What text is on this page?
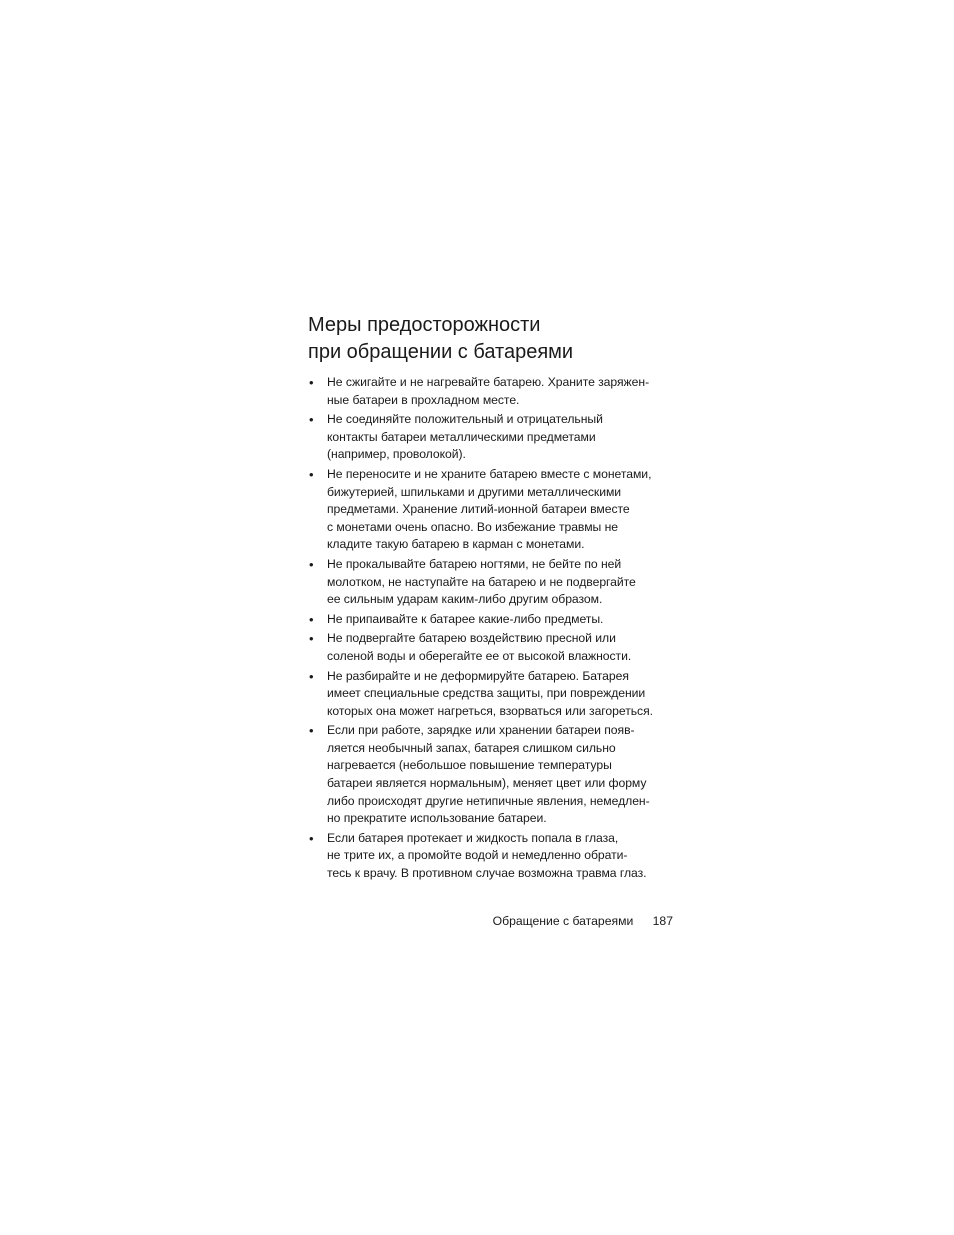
Меры предосторожности
при обращении с батареями
• Не сжигайте и не нагревайте батарею. Храните заряжен-
ные батареи в прохладном месте.
• Не соединяйте положительный и отрицательный
контакты батареи металлическими предметами
(например, проволокой).
• Не переносите и не храните батарею вместе с монетами,
бижутерией, шпильками и другими металлическими
предметами. Хранение литий-ионной батареи вместе
с монетами очень опасно. Во избежание травмы не
кладите такую батарею в карман с монетами.
• Не прокалывайте батарею ногтями, не бейте по ней
молотком, не наступайте на батарею и не подвергайте
ее сильным ударам каким-либо другим образом.
• Не припаивайте к батарее какие-либо предметы.
• Не подвергайте батарею воздействию пресной или
соленой воды и оберегайте ее от высокой влажности.
• Не разбирайте и не деформируйте батарею. Батарея
имеет специальные средства защиты, при повреждении
которых она может нагреться, взорваться или загореться.
• Если при работе, зарядке или хранении батареи появ-
ляется необычный запах, батарея слишком сильно
нагревается (небольшое повышение температуры
батареи является нормальным), меняет цвет или форму
либо происходят другие нетипичные явления, немедлен-
но прекратите использование батареи.
• Если батарея протекает и жидкость попала в глаза,
не трите их, а промойте водой и немедленно обрати-
тесь к врачу. В противном случае возможна травма глаз.
Обращение с батареями 187
